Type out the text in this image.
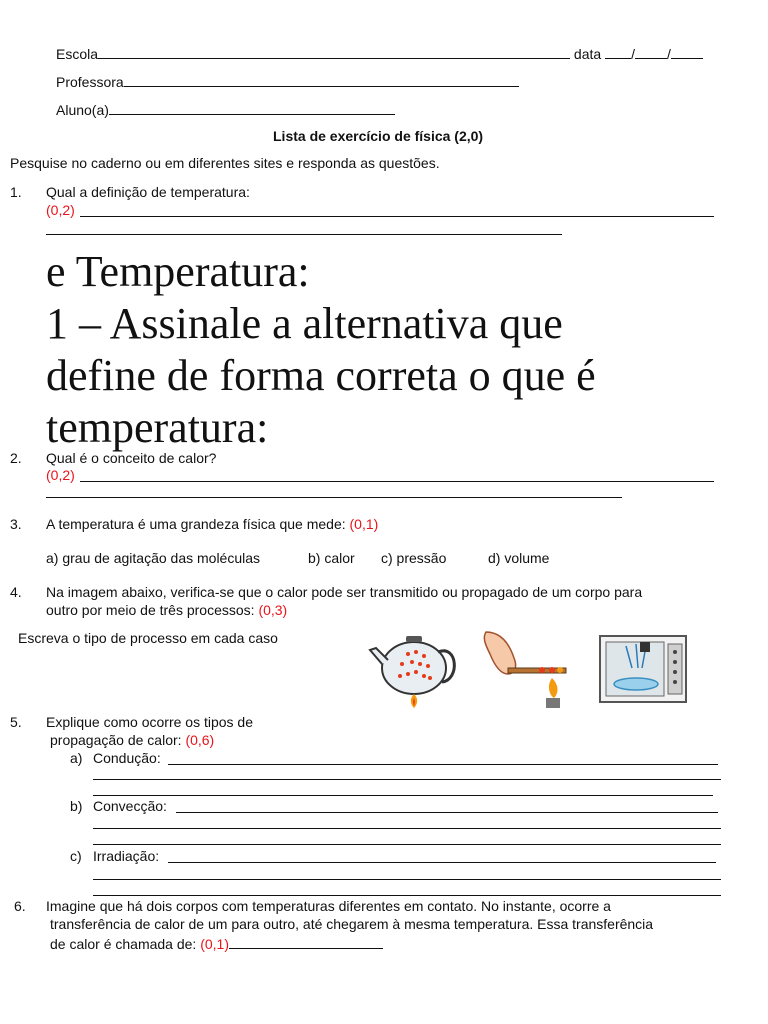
Escola	data / /
Professora
Aluno(a)
Lista de exercício de física (2,0)
Pesquise no caderno ou em diferentes sites e responda as questões.
1. Qual a definição de temperatura:
(0,2)
e Temperatura:
1 – Assinale a alternativa que
define de forma correta o que é
temperatura:
2. Qual é o conceito de calor?
(0,2)
3. A temperatura é uma grandeza física que mede: (0,1)
a) grau de agitação das moléculas	b) calor c) pressão	d) volume
4. Na imagem abaixo, verifica-se que o calor pode ser transmitido ou propagado de um corpo para
outro por meio de três processos: (0,3)
Escreva o tipo de processo em cada caso
5. Explique como ocorre os tipos de
propagação de calor: (0,6)
a) Condução:
b) Convecção:
c) Irradiação:
6. Imagine que há dois corpos com temperaturas diferentes em contato. No instante, ocorre a
transferência de calor de um para outro, até chegarem à mesma temperatura. Essa transferência
de calor é chamada de: (0,1)
